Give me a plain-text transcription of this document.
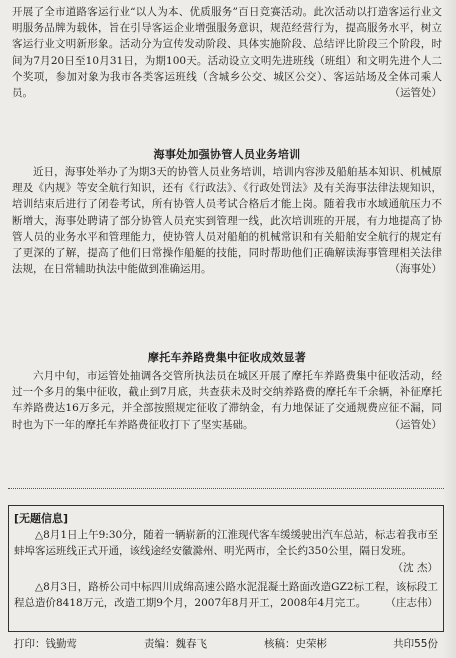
开展了全市道路客运行业“以人为本、优质服务”百日竞赛活动。此次活动以打造客运行业文明服务品牌为载体，旨在引导客运企业增强服务意识，规范经营行为，提高服务水平，树立客运行业文明新形象。活动分为宣传发动阶段、具体实施阶段、总结评比阶段三个阶段，时间为7月20日至10月31日，为期100天。活动设立文明先进班线（班组）和文明先进个人二个奖项，参加对象为我市各类客运班线（含城乡公交、城区公交）、客运站场及全体司乘人员。	（运管处）

海事处加强协管人员业务培训

近日，海事处举办了为期3天的协管人员业务培训，培训内容涉及船舶基本知识、机械原理及《内规》等安全航行知识，还有《行政法》、《行政处罚法》及有关海事法律法规知识，培训结束后进行了闭卷考试，所有协管人员考试合格后才能上岗。随着我市水域通航压力不断增大，海事处聘请了部分协管人员充实到管理一线，此次培训班的开展，有力地提高了协管人员的业务水平和管理能力，使协管人员对船舶的机械常识和有关船舶安全航行的规定有了更深的了解，提高了他们日常操作船艇的技能，同时帮助他们正确解读海事管理相关法律法规，在日常辅助执法中能做到准确运用。	（海事处）

摩托车养路费集中征收成效显著

六月中旬，市运管处抽调各交管所执法员在城区开展了摩托车养路费集中征收活动，经过一个多月的集中征收，截止到7月底，共查获未及时交纳养路费的摩托车千余辆，补征摩托车养路费达16万多元，并全部按照规定征收了滞纳金，有力地保证了交通规费应征不漏，同时也为下一年的摩托车养路费征收打下了坚实基础。	（运管处）

[无题信息]

△8月1日上午9:30分，随着一辆崭新的江淮现代客车缓缓驶出汽车总站，标志着我市至蚌埠客运班线正式开通，该线途经安徽滁州、明光两市，全长约350公里，隔日发班。
（沈 杰）

△8月3日，路桥公司中标四川成绵高速公路水泥混凝土路面改造GZ2标工程，该标段工程总造价8418万元，改造工期9个月，2007年8月开工，2008年4月完工。 （庄志伟）

打印：钱勤莺	责编：魏春飞	核稿：史荣彬	共印55份
